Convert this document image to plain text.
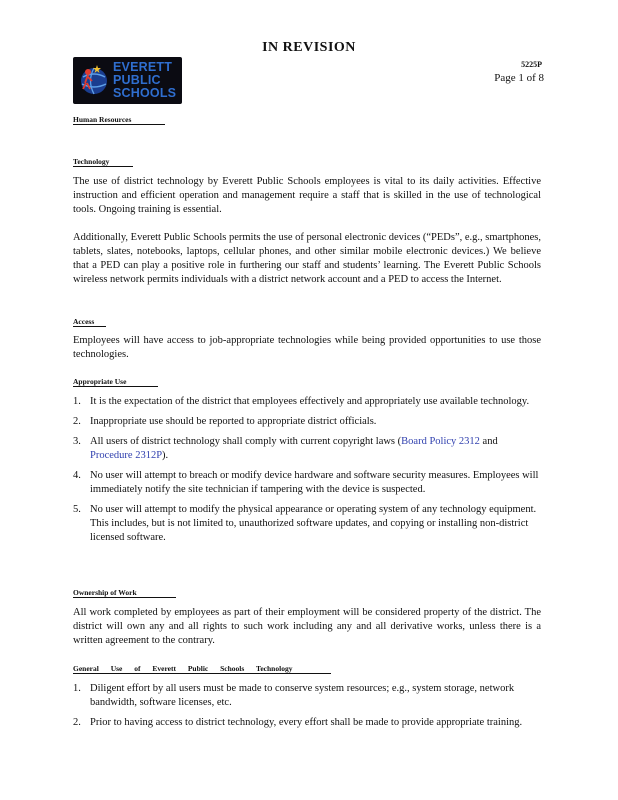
IN REVISION
EVERETT
PUBLIC
SCHOOLS
5225P
Page 1 of 8
Human Resources
Technology
The use of district technology by Everett Public Schools employees is vital to its daily activities. Effective instruction and efficient operation and management require a staff that is skilled in the use of technological tools. Ongoing training is essential.
Additionally, Everett Public Schools permits the use of personal electronic devices (“PEDs”, e.g., smartphones, tablets, slates, notebooks, laptops, cellular phones, and other similar mobile electronic devices.) We believe that a PED can play a positive role in furthering our staff and students’ learning. The Everett Public Schools wireless network permits individuals with a district network account and a PED to access the Internet.
Access
Employees will have access to job-appropriate technologies while being provided opportunities to use those technologies.
Appropriate Use
1. It is the expectation of the district that employees effectively and appropriately use available technology.
2. Inappropriate use should be reported to appropriate district officials.
3. All users of district technology shall comply with current copyright laws (Board Policy 2312 and Procedure 2312P).
4. No user will attempt to breach or modify device hardware and software security measures. Employees will immediately notify the site technician if tampering with the device is suspected.
5. No user will attempt to modify the physical appearance or operating system of any technology equipment. This includes, but is not limited to, unauthorized software updates, and copying or installing non-district licensed software.
Ownership of Work
All work completed by employees as part of their employment will be considered property of the district. The district will own any and all rights to such work including any and all derivative works, unless there is a written agreement to the contrary.
General Use of Everett Public Schools Technology
1. Diligent effort by all users must be made to conserve system resources; e.g., system storage, network bandwidth, software licenses, etc.
2. Prior to having access to district technology, every effort shall be made to provide appropriate training.
